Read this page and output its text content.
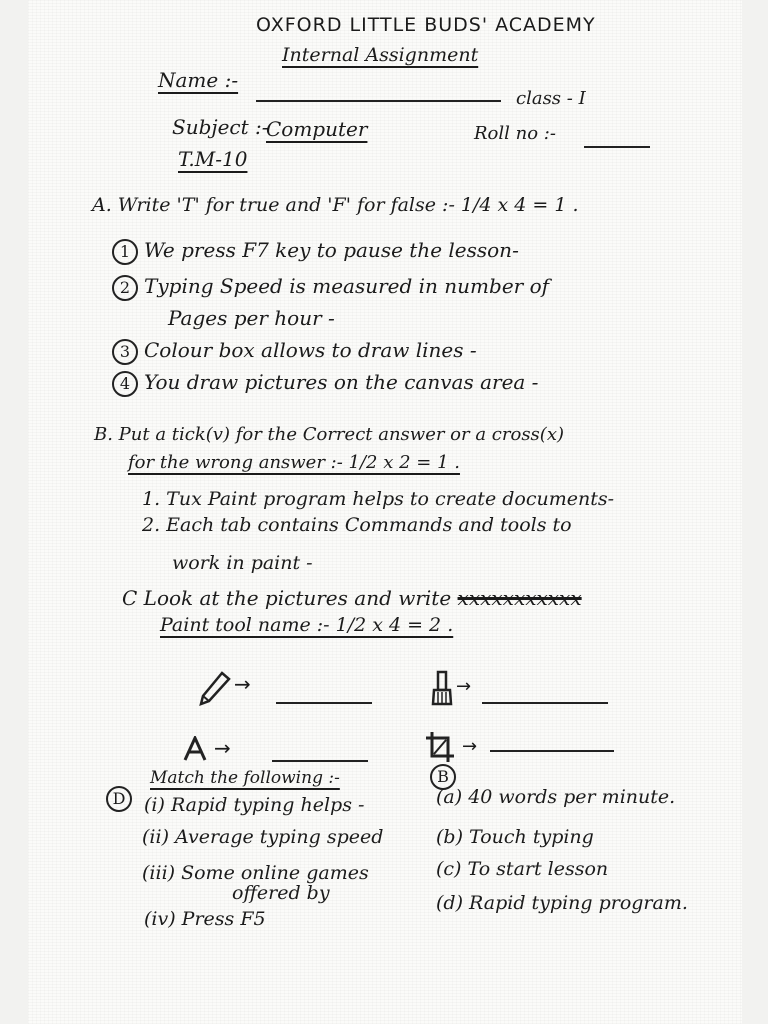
OXFORD LITTLE BUDS' ACADEMY
Internal Assignment
Name :-
class - I
Subject :-
Computer	Roll no :-
T.M-10
A. Write 'T' for true and 'F' for false :- 1/4 x 4 = 1 .
1 We press F7 key to pause the lesson-
2 Typing Speed is measured in number of
Pages per hour -
3 Colour box allows to draw lines -
4 You draw pictures on the canvas area -
B. Put a tick(v) for the Correct answer or a cross(x)
for the wrong answer :- 1/2 x 2 = 1 .
1. Tux Paint program helps to create documents-
2. Each tab contains Commands and tools to
work in paint -
C Look at the pictures and write xxxxxxxxxxx
Paint tool name :- 1/2 x 4 = 2 .
→	→
→	→
Match the following :-
D
B
(i) Rapid typing helps -
(ii) Average typing speed
(iii) Some online games
offered by
(iv) Press F5
(a) 40 words per minute.
(b) Touch typing
(c) To start lesson
(d) Rapid typing program.
